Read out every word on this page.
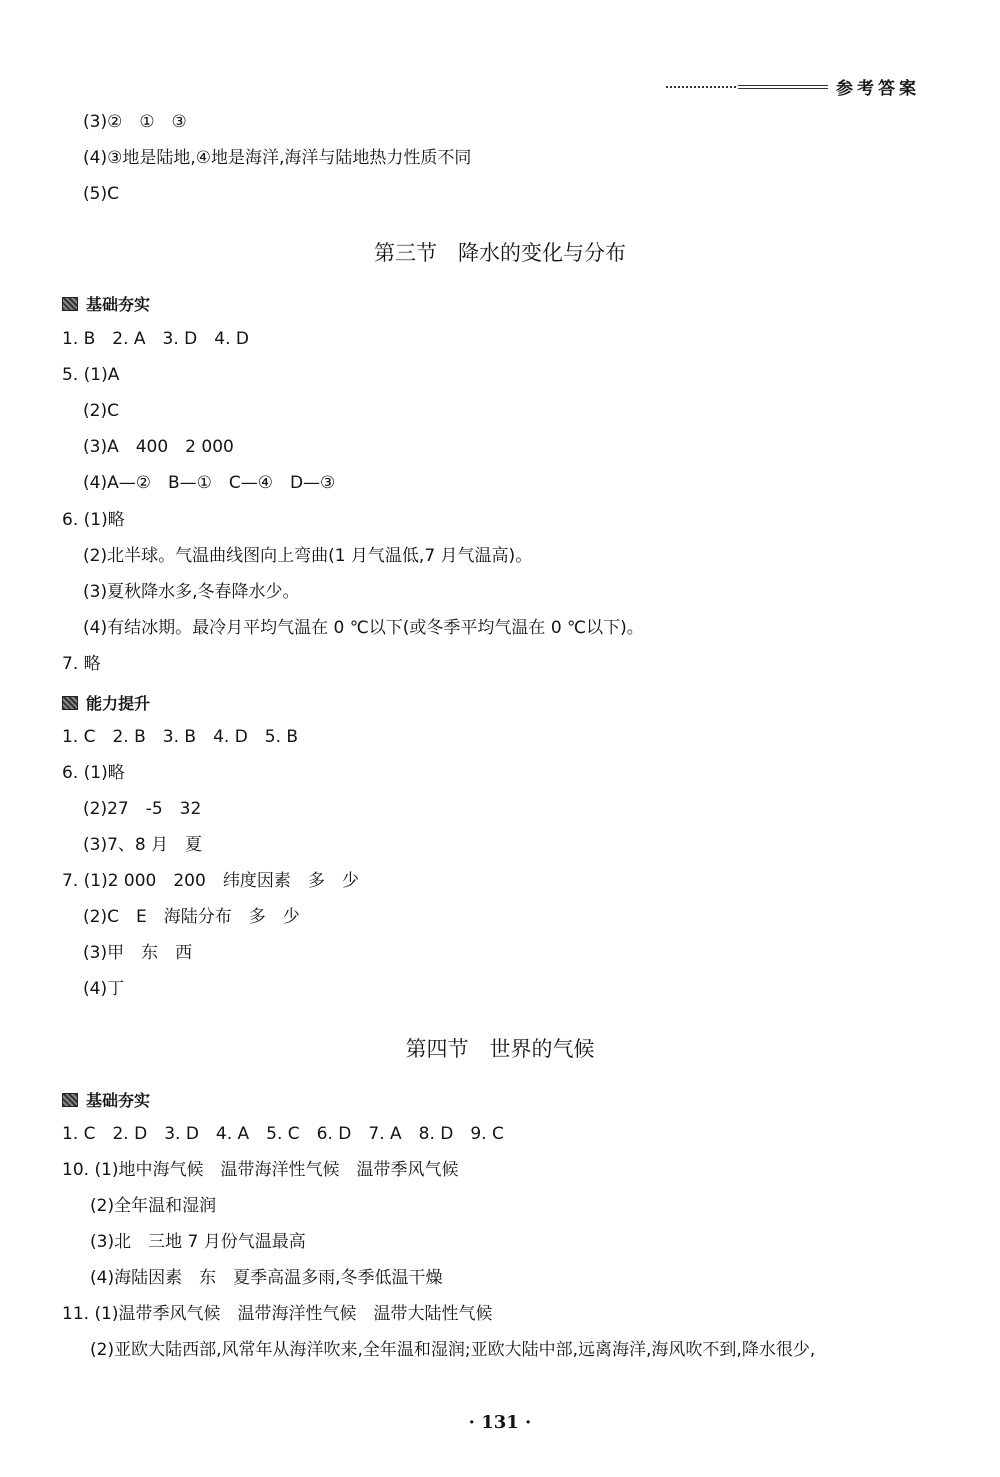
参考答案
(3)②　①　③
(4)③地是陆地,④地是海洋,海洋与陆地热力性质不同
(5)C
第三节　降水的变化与分布
基础夯实
1. B　2. A　3. D　4. D
5. (1)A
(2)C
(3)A　400　2 000
(4)A—②　B—①　C—④　D—③
6. (1)略
(2)北半球。气温曲线图向上弯曲(1 月气温低,7 月气温高)。
(3)夏秋降水多,冬春降水少。
(4)有结冰期。最冷月平均气温在 0 ℃以下(或冬季平均气温在 0 ℃以下)。
7. 略
能力提升
1. C　2. B　3. B　4. D　5. B
6. (1)略
(2)27　-5　32
(3)7、8 月　夏
7. (1)2 000　200　纬度因素　多　少
(2)C　E　海陆分布　多　少
(3)甲　东　西
(4)丁
第四节　世界的气候
基础夯实
1. C　2. D　3. D　4. A　5. C　6. D　7. A　8. D　9. C
10. (1)地中海气候　温带海洋性气候　温带季风气候
(2)全年温和湿润
(3)北　三地 7 月份气温最高
(4)海陆因素　东　夏季高温多雨,冬季低温干燥
11. (1)温带季风气候　温带海洋性气候　温带大陆性气候
(2)亚欧大陆西部,风常年从海洋吹来,全年温和湿润;亚欧大陆中部,远离海洋,海风吹不到,降水很少,
· 131 ·
